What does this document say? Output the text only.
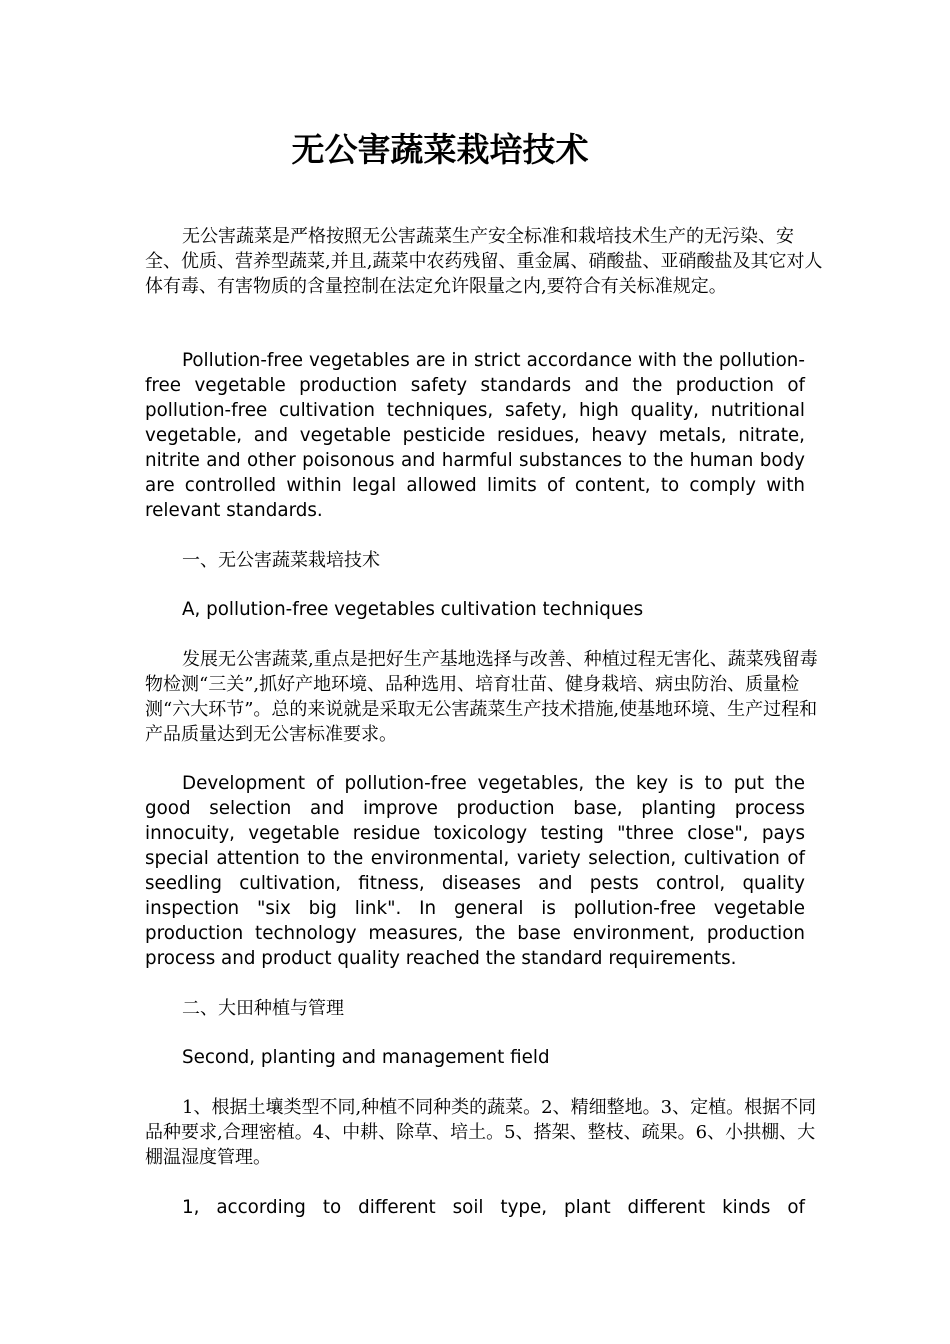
无公害蔬菜栽培技术

无公害蔬菜是严格按照无公害蔬菜生产安全标准和栽培技术生产的无污染、安全、优质、营养型蔬菜,并且,蔬菜中农药残留、重金属、硝酸盐、亚硝酸盐及其它对人体有毒、有害物质的含量控制在法定允许限量之内,要符合有关标准规定。

Pollution-free vegetables are in strict accordance with the pollution-free vegetable production safety standards and the production of pollution-free cultivation techniques, safety, high quality, nutritional vegetable, and vegetable pesticide residues, heavy metals, nitrate, nitrite and other poisonous and harmful substances to the human body are controlled within legal allowed limits of content, to comply with relevant standards.

一、无公害蔬菜栽培技术

A, pollution-free vegetables cultivation techniques

发展无公害蔬菜,重点是把好生产基地选择与改善、种植过程无害化、蔬菜残留毒物检测“三关”,抓好产地环境、品种选用、培育壮苗、健身栽培、病虫防治、质量检测“六大环节”。总的来说就是采取无公害蔬菜生产技术措施,使基地环境、生产过程和产品质量达到无公害标准要求。

Development of pollution-free vegetables, the key is to put the good selection and improve production base, planting process innocuity, vegetable residue toxicology testing "three close", pays special attention to the environmental, variety selection, cultivation of seedling cultivation, fitness, diseases and pests control, quality inspection "six big link". In general is pollution-free vegetable production technology measures, the base environment, production process and product quality reached the standard requirements.

二、大田种植与管理

Second, planting and management field

1、根据土壤类型不同,种植不同种类的蔬菜。2、精细整地。3、定植。根据不同品种要求,合理密植。4、中耕、除草、培土。5、搭架、整枝、疏果。6、小拱棚、大棚温湿度管理。

1, according to different soil type, plant different kinds of
